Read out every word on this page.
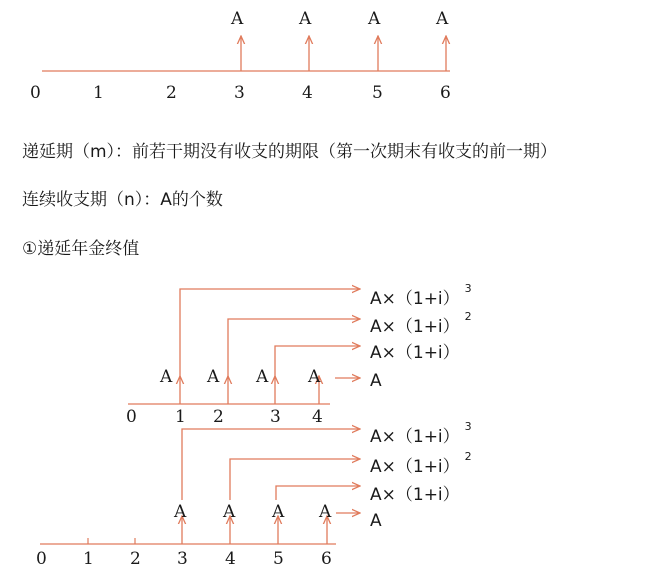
A	A	A	A
0	1	2	3	4	5	6
A A A A
0 1 2	3 4
$A\times(1+i)^3$
$A\times(1+i)^2$
A×（1+i）
A
A A A A
0 1 2 3 4 5 6
$A\times(1+i)^3$
$A\times(1+i)^2$
A×（1+i）
A

递延期（m）：前若干期没有收支的期限（第一次期末有收支的前一期）

连续收支期（n）：A的个数

①递延年金终值
